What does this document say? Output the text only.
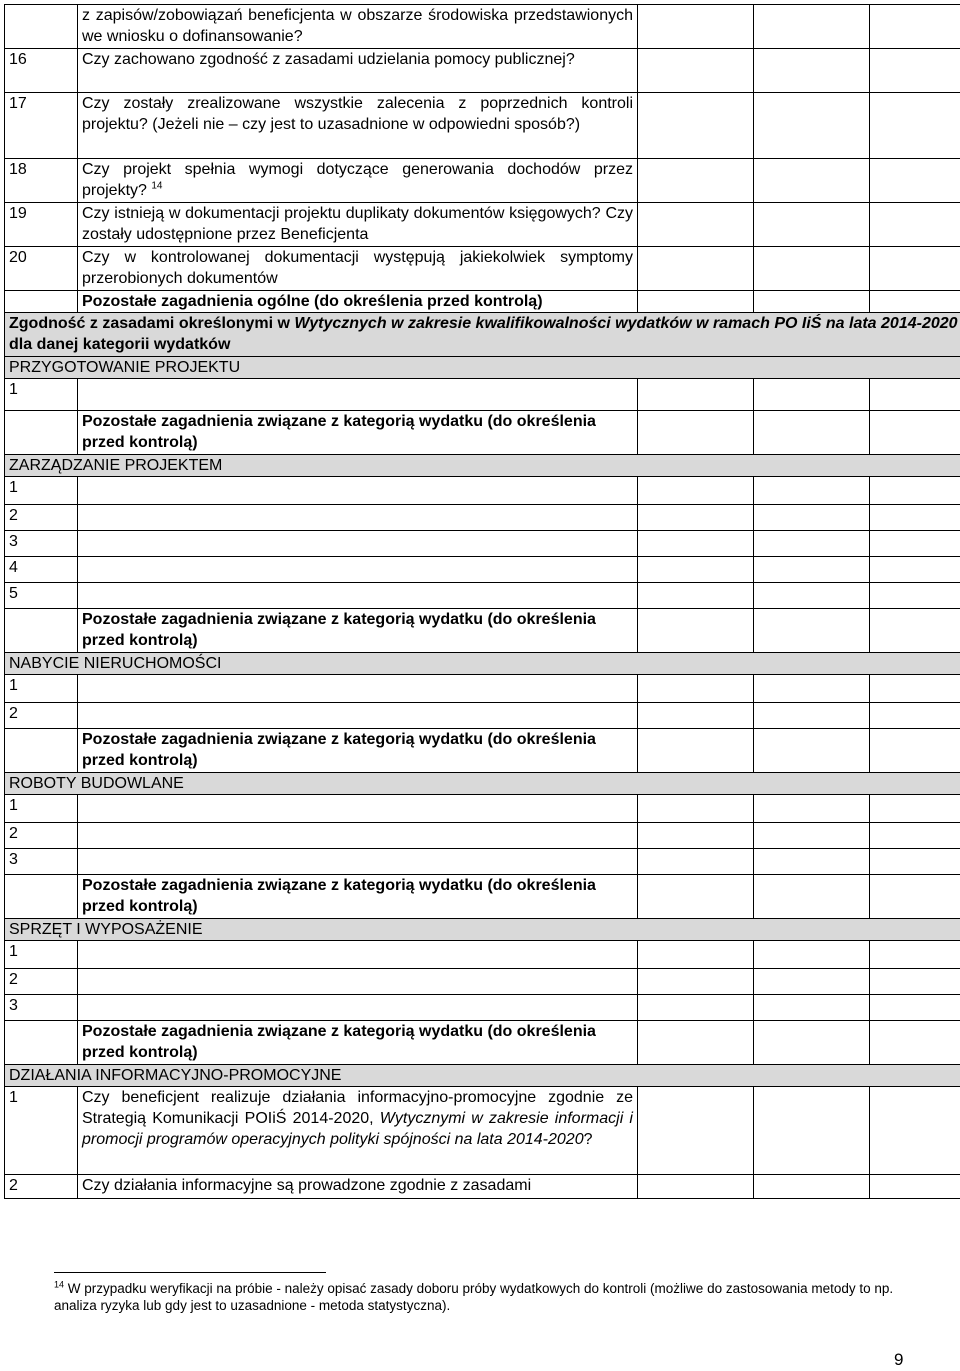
	z zapisów/zobowiązań beneficjenta w obszarze środowiska przedstawionych we wniosku o dofinansowanie?			
16	Czy zachowano zgodność z zasadami udzielania pomocy publicznej?			
17	Czy zostały zrealizowane wszystkie zalecenia z poprzednich kontroli projektu? (Jeżeli nie – czy jest to uzasadnione w odpowiedni sposób?)			
18	Czy projekt spełnia wymogi dotyczące generowania dochodów przez projekty? $^{14}$			
19	Czy istnieją w dokumentacji projektu duplikaty dokumentów księgowych? Czy zostały udostępnione przez Beneficjenta			
20	Czy w kontrolowanej dokumentacji występują jakiekolwiek symptomy przerobionych dokumentów			
	Pozostałe zagadnienia ogólne (do określenia przed kontrolą)			
Zgodność z zasadami określonymi w Wytycznych w zakresie kwalifikowalności wydatków w ramach PO IiŚ na lata 2014-2020 dla danej kategorii wydatków				
PRZYGOTOWANIE PROJEKTU				
1				
	Pozostałe zagadnienia związane z kategorią wydatku (do określenia przed kontrolą)			
ZARZĄDZANIE PROJEKTEM				
1				
2				
3				
4				
5				
	Pozostałe zagadnienia związane z kategorią wydatku (do określenia przed kontrolą)			
NABYCIE NIERUCHOMOŚCI				
1				
2				
	Pozostałe zagadnienia związane z kategorią wydatku (do określenia przed kontrolą)			
ROBOTY BUDOWLANE				
1				
2				
3				
	Pozostałe zagadnienia związane z kategorią wydatku (do określenia przed kontrolą)			
SPRZĘT I WYPOSAŻENIE				
1				
2				
3				
	Pozostałe zagadnienia związane z kategorią wydatku (do określenia przed kontrolą)			
DZIAŁANIA INFORMACYJNO-PROMOCYJNE				
1	Czy beneficjent realizuje działania informacyjno-promocyjne zgodnie ze Strategią Komunikacji POIiŚ 2014-2020, Wytycznymi w zakresie informacji i promocji programów operacyjnych polityki spójności na lata 2014-2020?			
2	Czy działania informacyjne są prowadzone zgodnie z zasadami			
$^{14}$ W przypadku weryfikacji na próbie - należy opisać zasady doboru próby wydatkowych do kontroli (możliwe do zastosowania metody to np. analiza ryzyka lub gdy jest to uzasadnione - metoda statystyczna).
9
